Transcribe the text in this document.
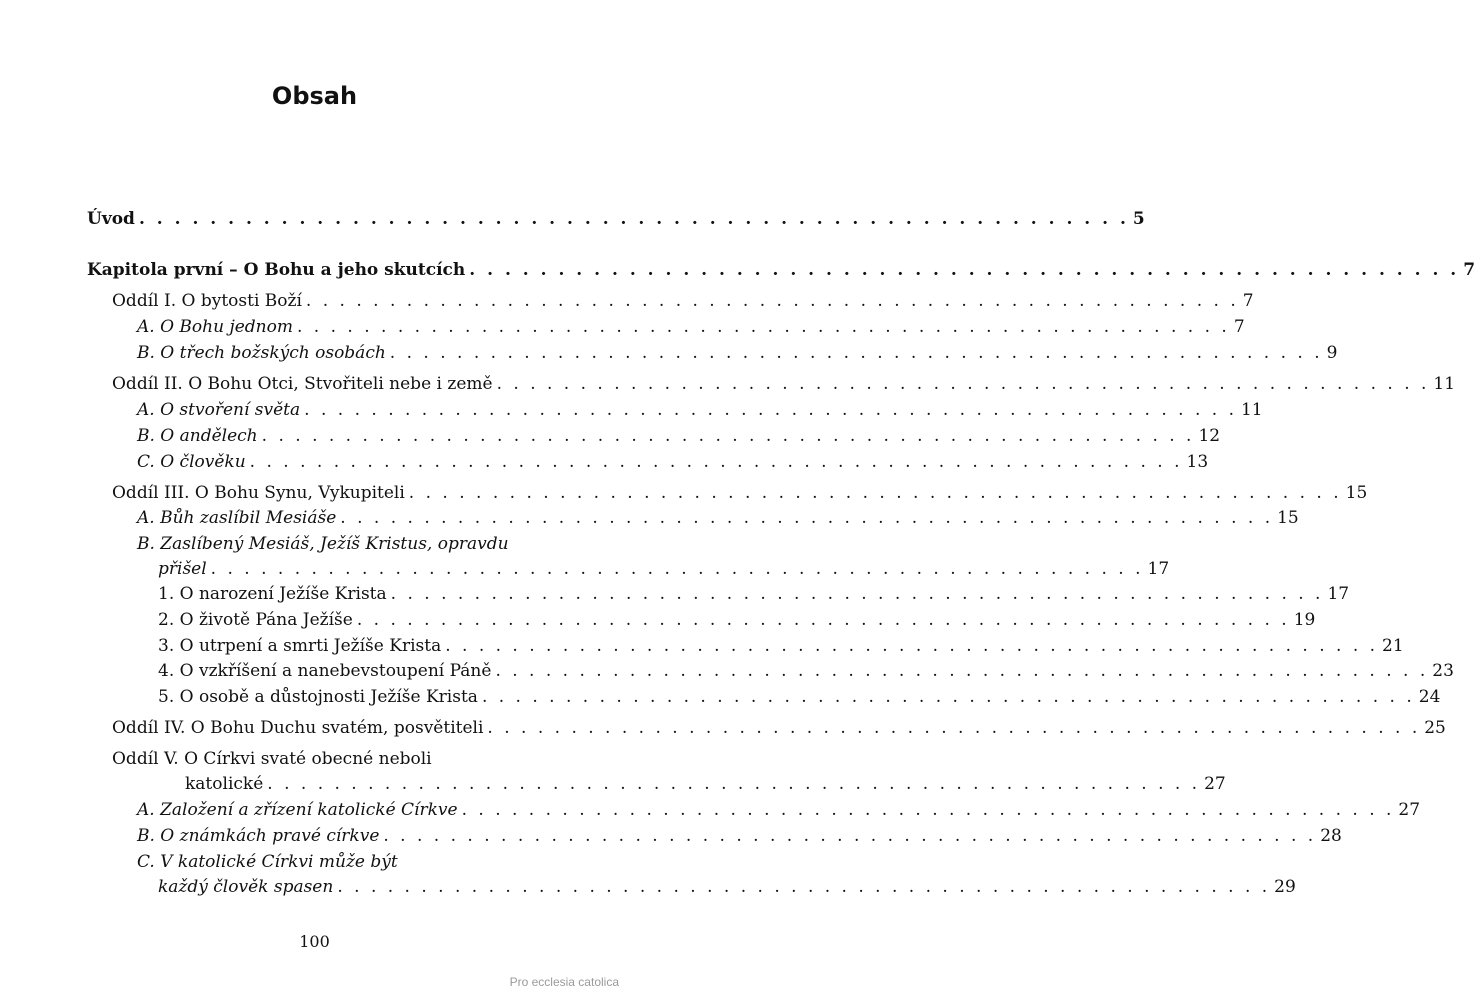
Obsah
Úvod . . . . . . . . . . . . . . . . . . . . . . . . . . . . . . . . . . . . . . . . . . . . . . . . . . . . . . . . 5
Kapitola první – O Bohu a jeho skutcích . . . . . . . . . . . . . . . . . . . . . . . . . . . . . . . . . . . . . . . . . . . . . . . . . . . . . . . . 7
Oddíl I. O bytosti Boží . . . . . . . . . . . . . . . . . . . . . . . . . . . . . . . . . . . . . . . . . . . . . . . . . . . . . . . . 7
A. O Bohu jednom . . . . . . . . . . . . . . . . . . . . . . . . . . . . . . . . . . . . . . . . . . . . . . . . . . . . . . . . 7
B. O třech božských osobách . . . . . . . . . . . . . . . . . . . . . . . . . . . . . . . . . . . . . . . . . . . . . . . . . . . . . . . . 9
Oddíl II. O Bohu Otci, Stvořiteli nebe i země . . . . . . . . . . . . . . . . . . . . . . . . . . . . . . . . . . . . . . . . . . . . . . . . . . . . . . . . 11
A. O stvoření světa . . . . . . . . . . . . . . . . . . . . . . . . . . . . . . . . . . . . . . . . . . . . . . . . . . . . . . . . 11
B. O andělech . . . . . . . . . . . . . . . . . . . . . . . . . . . . . . . . . . . . . . . . . . . . . . . . . . . . . . . . 12
C. O člověku . . . . . . . . . . . . . . . . . . . . . . . . . . . . . . . . . . . . . . . . . . . . . . . . . . . . . . . . 13
Oddíl III. O Bohu Synu, Vykupiteli . . . . . . . . . . . . . . . . . . . . . . . . . . . . . . . . . . . . . . . . . . . . . . . . . . . . . . . . 15
A. Bůh zaslíbil Mesiáše . . . . . . . . . . . . . . . . . . . . . . . . . . . . . . . . . . . . . . . . . . . . . . . . . . . . . . . . 15
B. Zaslíbený Mesiáš, Ježíš Kristus, opravdu
přišel . . . . . . . . . . . . . . . . . . . . . . . . . . . . . . . . . . . . . . . . . . . . . . . . . . . . . . . . 17
1. O narození Ježíše Krista . . . . . . . . . . . . . . . . . . . . . . . . . . . . . . . . . . . . . . . . . . . . . . . . . . . . . . . . 17
2. O životě Pána Ježíše . . . . . . . . . . . . . . . . . . . . . . . . . . . . . . . . . . . . . . . . . . . . . . . . . . . . . . . . 19
3. O utrpení a smrti Ježíše Krista . . . . . . . . . . . . . . . . . . . . . . . . . . . . . . . . . . . . . . . . . . . . . . . . . . . . . . . . 21
4. O vzkříšení a nanebevstoupení Páně . . . . . . . . . . . . . . . . . . . . . . . . . . . . . . . . . . . . . . . . . . . . . . . . . . . . . . . . 23
5. O osobě a důstojnosti Ježíše Krista . . . . . . . . . . . . . . . . . . . . . . . . . . . . . . . . . . . . . . . . . . . . . . . . . . . . . . . . 24
Oddíl IV. O Bohu Duchu svatém, posvětiteli . . . . . . . . . . . . . . . . . . . . . . . . . . . . . . . . . . . . . . . . . . . . . . . . . . . . . . . . 25
Oddíl V. O Církvi svaté obecné neboli
katolické . . . . . . . . . . . . . . . . . . . . . . . . . . . . . . . . . . . . . . . . . . . . . . . . . . . . . . . . 27
A. Založení a zřízení katolické Církve . . . . . . . . . . . . . . . . . . . . . . . . . . . . . . . . . . . . . . . . . . . . . . . . . . . . . . . . 27
B. O známkách pravé církve . . . . . . . . . . . . . . . . . . . . . . . . . . . . . . . . . . . . . . . . . . . . . . . . . . . . . . . . 28
C. V katolické Církvi může být
každý člověk spasen . . . . . . . . . . . . . . . . . . . . . . . . . . . . . . . . . . . . . . . . . . . . . . . . . . . . . . . . 29
100
Pro ecclesia catolica
